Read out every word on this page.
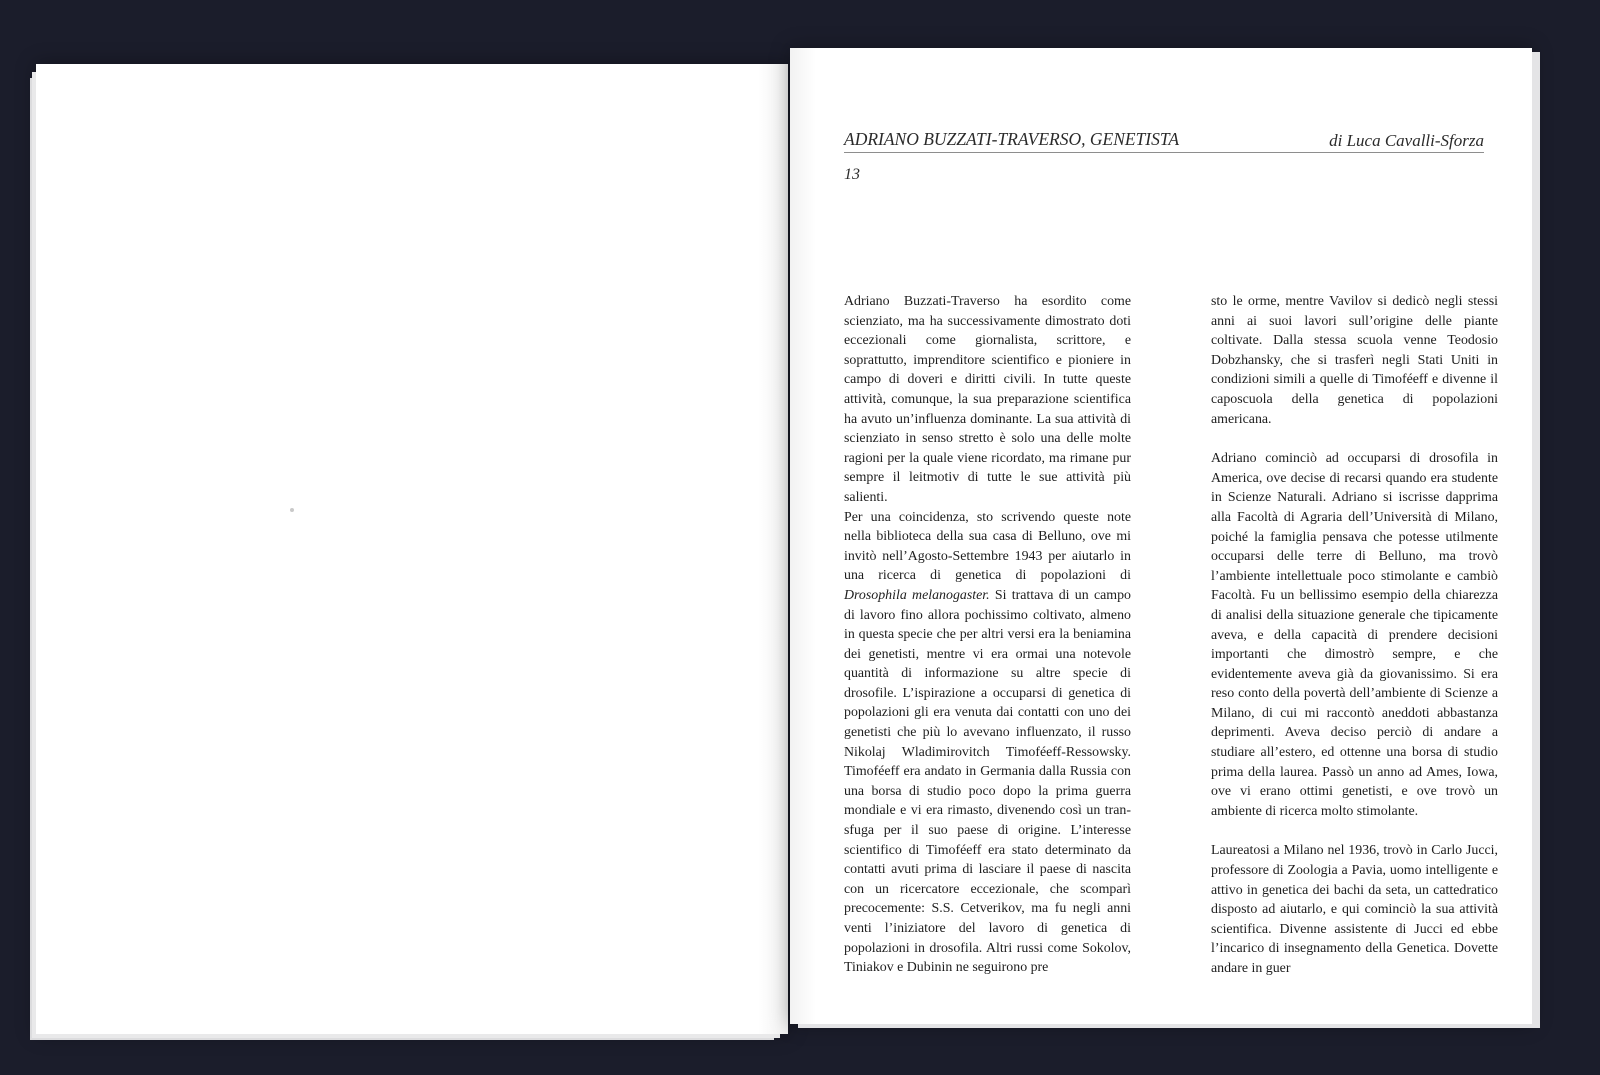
ADRIANO BUZZATI-TRAVERSO, GENETISTA	di Luca Cavalli-Sforza
13

Adriano Buzzati-Traverso ha esordito come scienziato, ma ha successivamente dimostrato doti eccezionali come giornalista, scrittore, e soprattutto, imprenditore scientifico e pioniere in campo di doveri e diritti civili. In tutte queste attività, comunque, la sua preparazione scientifica ha avuto un’influenza dominante. La sua attività di scienziato in senso stretto è solo una delle molte ragioni per la quale viene ricordato, ma rimane pur sempre il leitmotiv di tutte le sue attività più salienti.

Per una coincidenza, sto scrivendo queste note nella biblioteca della sua casa di Belluno, ove mi invitò nell’Agosto-Settembre 1943 per aiutarlo in una ricerca di genetica di popolazioni di Drosophila melanogaster. Si trattava di un campo di lavoro fino allora pochissimo coltivato, almeno in questa specie che per altri versi era la beniamina dei genetisti, mentre vi era ormai una notevole quantità di informazione su altre specie di drosofile. L’ispirazione a occuparsi di genetica di popolazioni gli era venuta dai contatti con uno dei genetisti che più lo avevano influenzato, il russo Nikolaj Wladimirovitch Timoféeff-Ressowsky. Timoféeff era andato in Germania dalla Russia con una borsa di studio poco dopo la prima guerra mondiale e vi era rimasto, divenendo così un transfuga per il suo paese di origine. L’interesse scientifico di Timoféeff era stato determinato da contatti avuti prima di lasciare il paese di nascita con un ricercatore eccezionale, che scomparì precocemente: S.S. Cetverikov, ma fu negli anni venti l’iniziatore del lavoro di genetica di popolazioni in drosofila. Altri russi come Sokolov, Tiniakov e Dubinin ne seguirono pre

sto le orme, mentre Vavilov si dedicò negli stessi anni ai suoi lavori sull’origine delle piante coltivate. Dalla stessa scuola venne Teodosio Dobzhansky, che si trasferì negli Stati Uniti in condizioni simili a quelle di Timoféeff e divenne il caposcuola della genetica di popolazioni americana.

Adriano cominciò ad occuparsi di drosofila in America, ove decise di recarsi quando era studente in Scienze Naturali. Adriano si iscrisse dapprima alla Facoltà di Agraria dell’Università di Milano, poiché la famiglia pensava che potesse utilmente occuparsi delle terre di Belluno, ma trovò l’ambiente intellettuale poco stimolante e cambiò Facoltà. Fu un bellissimo esempio della chiarezza di analisi della situazione generale che tipicamente aveva, e della capacità di prendere decisioni importanti che dimostrò sempre, e che evidentemente aveva già da giovanissimo. Si era reso conto della povertà dell’ambiente di Scienze a Milano, di cui mi raccontò aneddoti abbastanza deprimenti. Aveva deciso perciò di andare a studiare all’estero, ed ottenne una borsa di studio prima della laurea. Passò un anno ad Ames, Iowa, ove vi erano ottimi genetisti, e ove trovò un ambiente di ricerca molto stimolante.

Laureatosi a Milano nel 1936, trovò in Carlo Jucci, professore di Zoologia a Pavia, uomo intelligente e attivo in genetica dei bachi da seta, un cattedratico disposto ad aiutarlo, e qui cominciò la sua attività scientifica. Divenne assistente di Jucci ed ebbe l’incarico di insegnamento della Genetica. Dovette andare in guer
